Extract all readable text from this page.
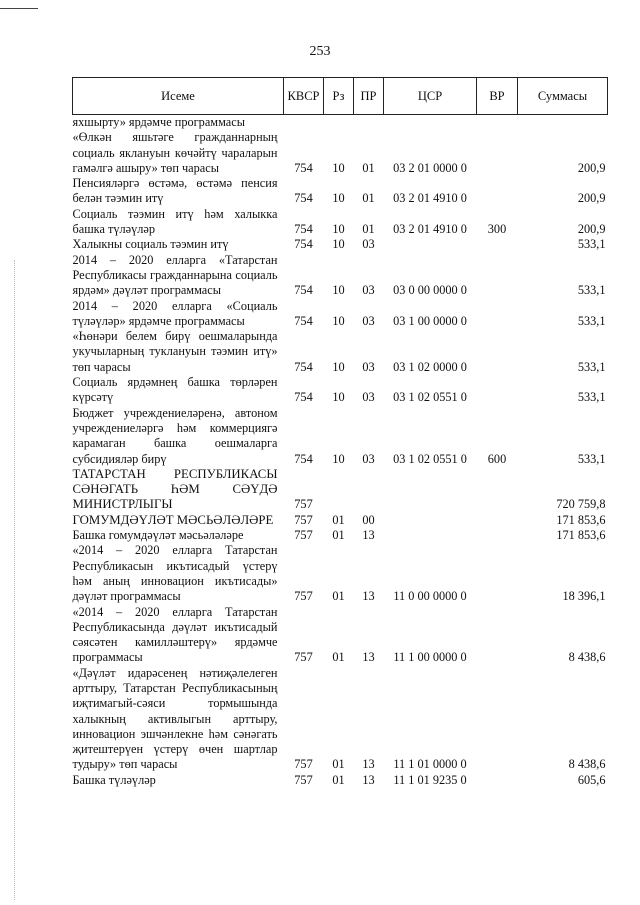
253
Исеме	КВСР	Рз	ПР	ЦСР	ВР	Суммасы
яхшырту» ярдәмче программасы						
«Өлкән яшьтәге гражданнарның социаль яклануын көчәйтү чараларын гамәлгә ашыру» төп чарасы	754	10	01	03 2 01 0000 0		200,9
Пенсияләргә өстәмә, өстәмә пенсия белән тәэмин итү	754	10	01	03 2 01 4910 0		200,9
Социаль тәэмин итү һәм халыкка башка түләүләр	754	10	01	03 2 01 4910 0	300	200,9
Халыкны социаль тәэмин итү	754	10	03			533,1
2014 – 2020 елларга «Татарстан Республикасы гражданнарына социаль ярдәм» дәүләт программасы	754	10	03	03 0 00 0000 0		533,1
2014 – 2020 елларга «Социаль түләүләр» ярдәмче программасы	754	10	03	03 1 00 0000 0		533,1
«Һөнәри белем бирү оешмаларында укучыларның туклануын тәэмин итү» төп чарасы	754	10	03	03 1 02 0000 0		533,1
Социаль ярдәмнең башка төрләрен күрсәтү	754	10	03	03 1 02 0551 0		533,1
Бюджет учреждениеләренә, автоном учреждениеләргә һәм коммерциягә карамаган башка оешмаларга субсидияләр бирү	754	10	03	03 1 02 0551 0	600	533,1
ТАТАРСТАН РЕСПУБЛИКАСЫ СӘНӘГАТЬ ҺӘМ СӘҮДӘ МИНИСТРЛЫГЫ	757					720 759,8
ГОМУМДӘҮЛӘТ МӘСЬӘЛӘЛӘРЕ	757	01	00			171 853,6
Башка гомумдәүләт мәсьәләләре	757	01	13			171 853,6
«2014 – 2020 елларга Татарстан Республикасын икътисадый үстерү һәм аның инновацион икътисады» дәүләт программасы	757	01	13	11 0 00 0000 0		18 396,1
«2014 – 2020 елларга Татарстан Республикасында дәүләт икътисадый сәясәтен камилләштерү» ярдәмче программасы	757	01	13	11 1 00 0000 0		8 438,6
«Дәүләт идарәсенең нәтиҗәлелеген арттыру, Татарстан Республикасының иҗтимагый-сәяси тормышында халыкның активлыгын арттыру, инновацион эшчәнлекне һәм сәнәгать җитештерүен үстерү өчен шартлар тудыру» төп чарасы	757	01	13	11 1 01 0000 0		8 438,6
Башка түләүләр	757	01	13	11 1 01 9235 0		605,6
